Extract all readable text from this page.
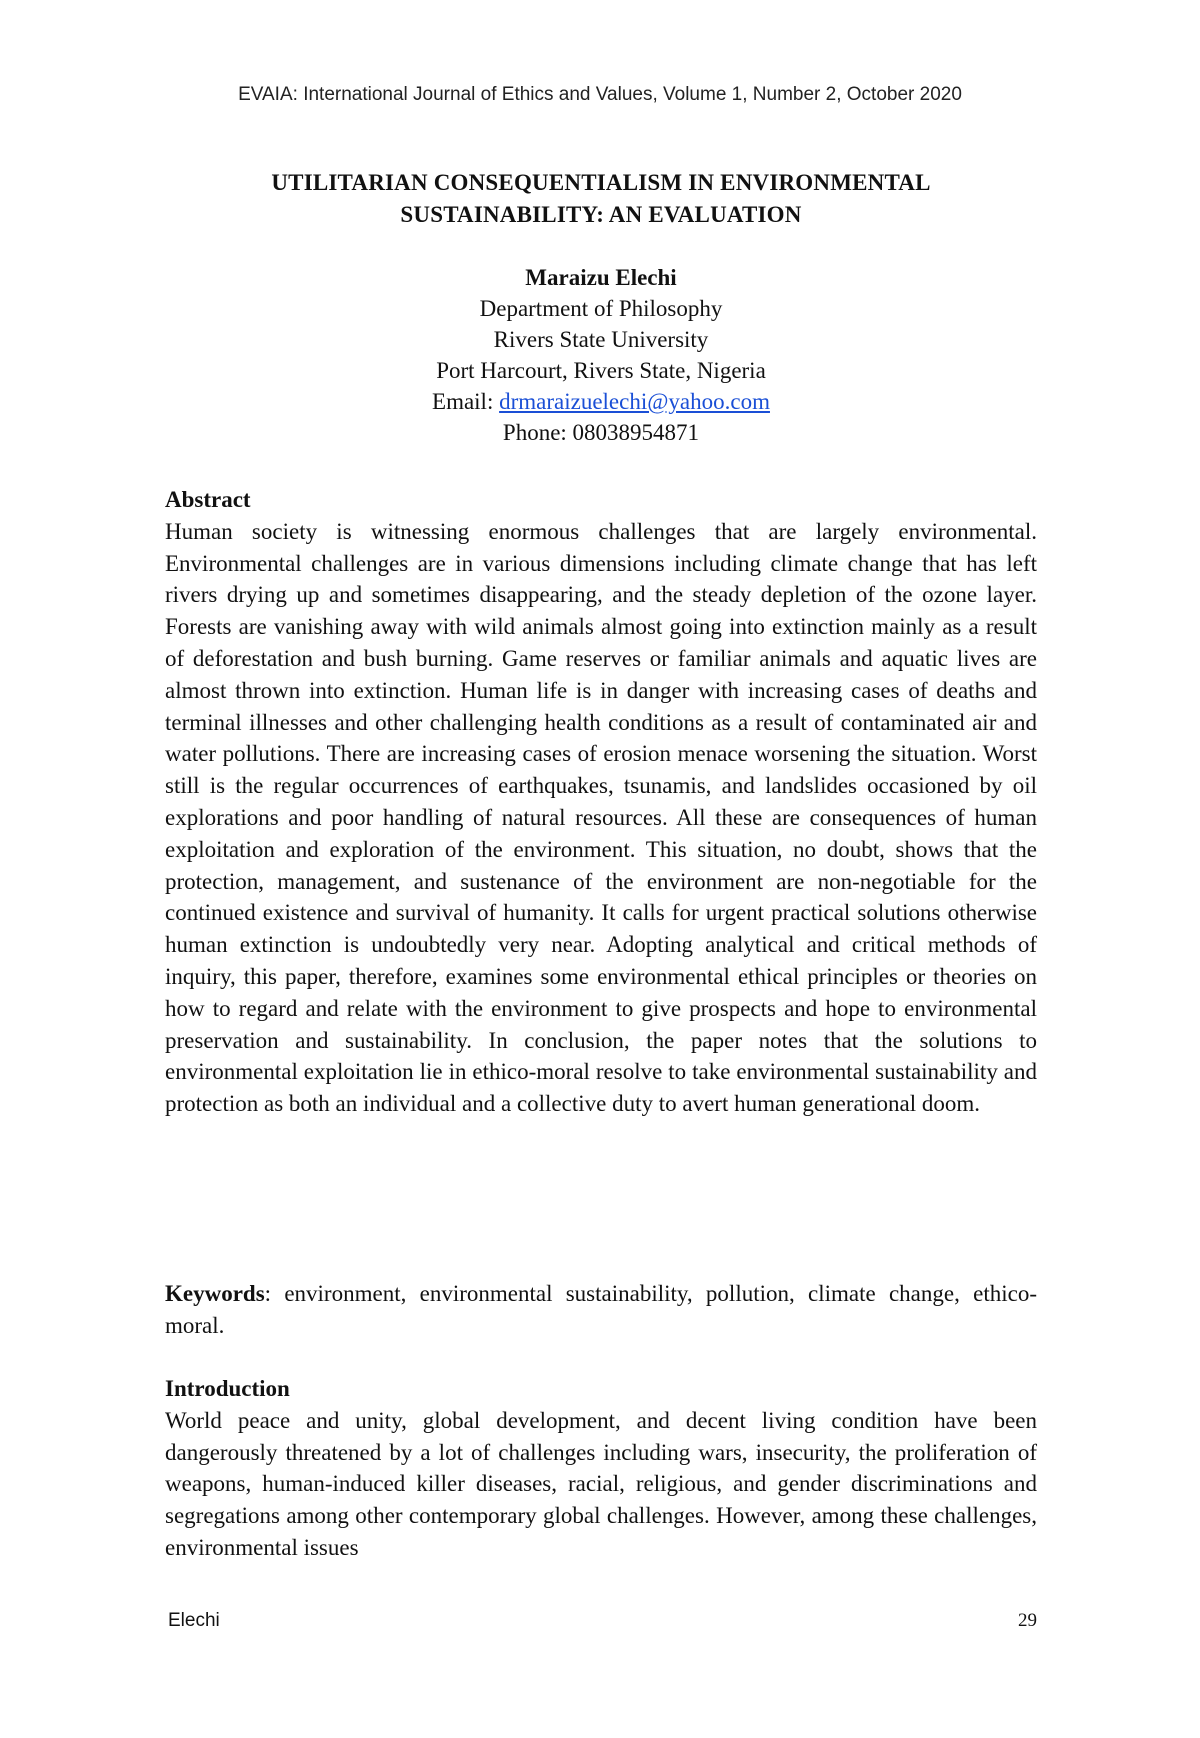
EVAIA: International Journal of Ethics and Values, Volume 1, Number 2, October 2020
UTILITARIAN CONSEQUENTIALISM IN ENVIRONMENTAL
SUSTAINABILITY: AN EVALUATION
Maraizu Elechi
Department of Philosophy
Rivers State University
Port Harcourt, Rivers State, Nigeria
Email: drmaraizuelechi@yahoo.com
Phone: 08038954871
Abstract

Human society is witnessing enormous challenges that are largely environmental. Environmental challenges are in various dimensions including climate change that has left rivers drying up and sometimes disappearing, and the steady depletion of the ozone layer. Forests are vanishing away with wild animals almost going into extinction mainly as a result of deforestation and bush burning. Game reserves or familiar animals and aquatic lives are almost thrown into extinction. Human life is in danger with increasing cases of deaths and terminal illnesses and other challenging health conditions as a result of contaminated air and water pollutions. There are increasing cases of erosion menace worsening the situation. Worst still is the regular occurrences of earthquakes, tsunamis, and landslides occasioned by oil explorations and poor handling of natural resources. All these are consequences of human exploitation and exploration of the environment. This situation, no doubt, shows that the protection, management, and sustenance of the environment are non-negotiable for the continued existence and survival of humanity. It calls for urgent practical solutions otherwise human extinction is undoubtedly very near. Adopting analytical and critical methods of inquiry, this paper, therefore, examines some environmental ethical principles or theories on how to regard and relate with the environment to give prospects and hope to environmental preservation and sustainability. In conclusion, the paper notes that the solutions to environmental exploitation lie in ethico-moral resolve to take environmental sustainability and protection as both an individual and a collective duty to avert human generational doom.

Keywords: environment, environmental sustainability, pollution, climate change, ethico-moral.

Introduction

World peace and unity, global development, and decent living condition have been dangerously threatened by a lot of challenges including wars, insecurity, the proliferation of weapons, human-induced killer diseases, racial, religious, and gender discriminations and segregations among other contemporary global challenges. However, among these challenges, environmental issues

Elechi	29
